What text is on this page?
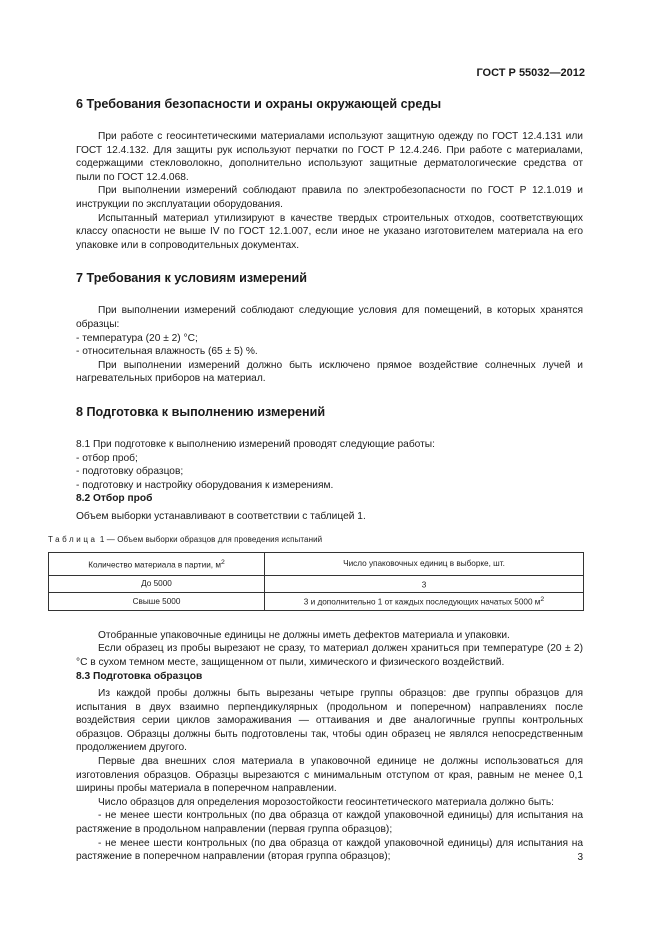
ГОСТ Р 55032—2012
6 Требования безопасности и охраны окружающей среды

При работе с геосинтетическими материалами используют защитную одежду по ГОСТ 12.4.131 или ГОСТ 12.4.132. Для защиты рук используют перчатки по ГОСТ Р 12.4.246. При работе с материалами, содержащими стекловолокно, дополнительно используют защитные дерматологические средства от пыли по ГОСТ 12.4.068.

При выполнении измерений соблюдают правила по электробезопасности по ГОСТ Р 12.1.019 и инструкции по эксплуатации оборудования.

Испытанный материал утилизируют в качестве твердых строительных отходов, соответствующих классу опасности не выше IV по ГОСТ 12.1.007, если иное не указано изготовителем материала на его упаковке или в сопроводительных документах.

7 Требования к условиям измерений

При выполнении измерений соблюдают следующие условия для помещений, в которых хранятся образцы:

- температура (20 ± 2) °С;

- относительная влажность (65 ± 5) %.

При выполнении измерений должно быть исключено прямое воздействие солнечных лучей и нагревательных приборов на материал.

8 Подготовка к выполнению измерений

8.1 При подготовке к выполнению измерений проводят следующие работы:

- отбор проб;

- подготовку образцов;

- подготовку и настройку оборудования к измерениям.

8.2 Отбор проб

Объем выборки устанавливают в соответствии с таблицей 1.

Таблица 1 — Объем выборки образцов для проведения испытаний
Количество материала в партии, $м^2$	Число упаковочных единиц в выборке, шт.
До 5000	3
Свыше 5000	3 и дополнительно 1 от каждых последующих начатых 5000 $м^2$

Отобранные упаковочные единицы не должны иметь дефектов материала и упаковки.

Если образец из пробы вырезают не сразу, то материал должен храниться при температуре (20 ± 2) °С в сухом темном месте, защищенном от пыли, химического и физического воздействий.

8.3 Подготовка образцов

Из каждой пробы должны быть вырезаны четыре группы образцов: две группы образцов для испытания в двух взаимно перпендикулярных (продольном и поперечном) направлениях после воздействия серии циклов замораживания — оттаивания и две аналогичные группы контрольных образцов. Образцы должны быть подготовлены так, чтобы один образец не являлся непосредственным продолжением другого.

Первые два внешних слоя материала в упаковочной единице не должны использоваться для изготовления образцов. Образцы вырезаются с минимальным отступом от края, равным не менее 0,1 ширины пробы материала в поперечном направлении.

Число образцов для определения морозостойкости геосинтетического материала должно быть:

- не менее шести контрольных (по два образца от каждой упаковочной единицы) для испытания на растяжение в продольном направлении (первая группа образцов);

- не менее шести контрольных (по два образца от каждой упаковочной единицы) для испытания на растяжение в поперечном направлении (вторая группа образцов);	3
